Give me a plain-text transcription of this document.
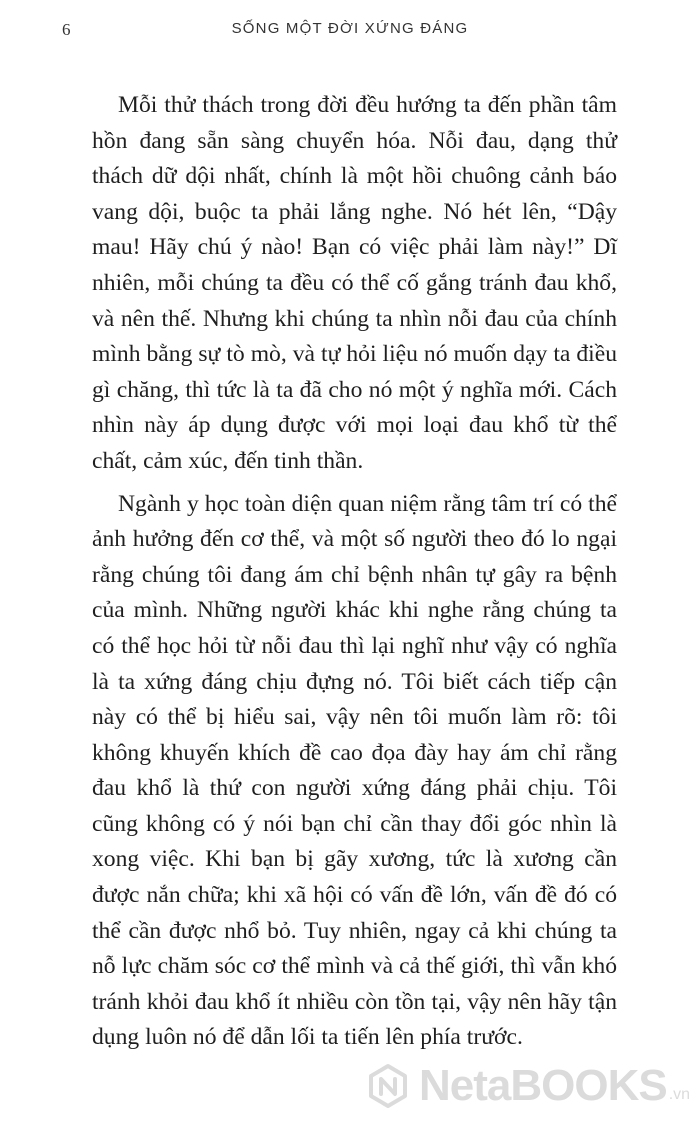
6	SỐNG MỘT ĐỜI XỨNG ĐÁNG

Mỗi thử thách trong đời đều hướng ta đến phần tâm hồn đang sẵn sàng chuyển hóa. Nỗi đau, dạng thử thách dữ dội nhất, chính là một hồi chuông cảnh báo vang dội, buộc ta phải lắng nghe. Nó hét lên, “Dậy mau! Hãy chú ý nào! Bạn có việc phải làm này!” Dĩ nhiên, mỗi chúng ta đều có thể cố gắng tránh đau khổ, và nên thế. Nhưng khi chúng ta nhìn nỗi đau của chính mình bằng sự tò mò, và tự hỏi liệu nó muốn dạy ta điều gì chăng, thì tức là ta đã cho nó một ý nghĩa mới. Cách nhìn này áp dụng được với mọi loại đau khổ từ thể chất, cảm xúc, đến tinh thần.

Ngành y học toàn diện quan niệm rằng tâm trí có thể ảnh hưởng đến cơ thể, và một số người theo đó lo ngại rằng chúng tôi đang ám chỉ bệnh nhân tự gây ra bệnh của mình. Những người khác khi nghe rằng chúng ta có thể học hỏi từ nỗi đau thì lại nghĩ như vậy có nghĩa là ta xứng đáng chịu đựng nó. Tôi biết cách tiếp cận này có thể bị hiểu sai, vậy nên tôi muốn làm rõ: tôi không khuyến khích đề cao đọa đày hay ám chỉ rằng đau khổ là thứ con người xứng đáng phải chịu. Tôi cũng không có ý nói bạn chỉ cần thay đổi góc nhìn là xong việc. Khi bạn bị gãy xương, tức là xương cần được nắn chữa; khi xã hội có vấn đề lớn, vấn đề đó có thể cần được nhổ bỏ. Tuy nhiên, ngay cả khi chúng ta nỗ lực chăm sóc cơ thể mình và cả thế giới, thì vẫn khó tránh khỏi đau khổ ít nhiều còn tồn tại, vậy nên hãy tận dụng luôn nó để dẫn lối ta tiến lên phía trước.

NetaBOOKS .vn
